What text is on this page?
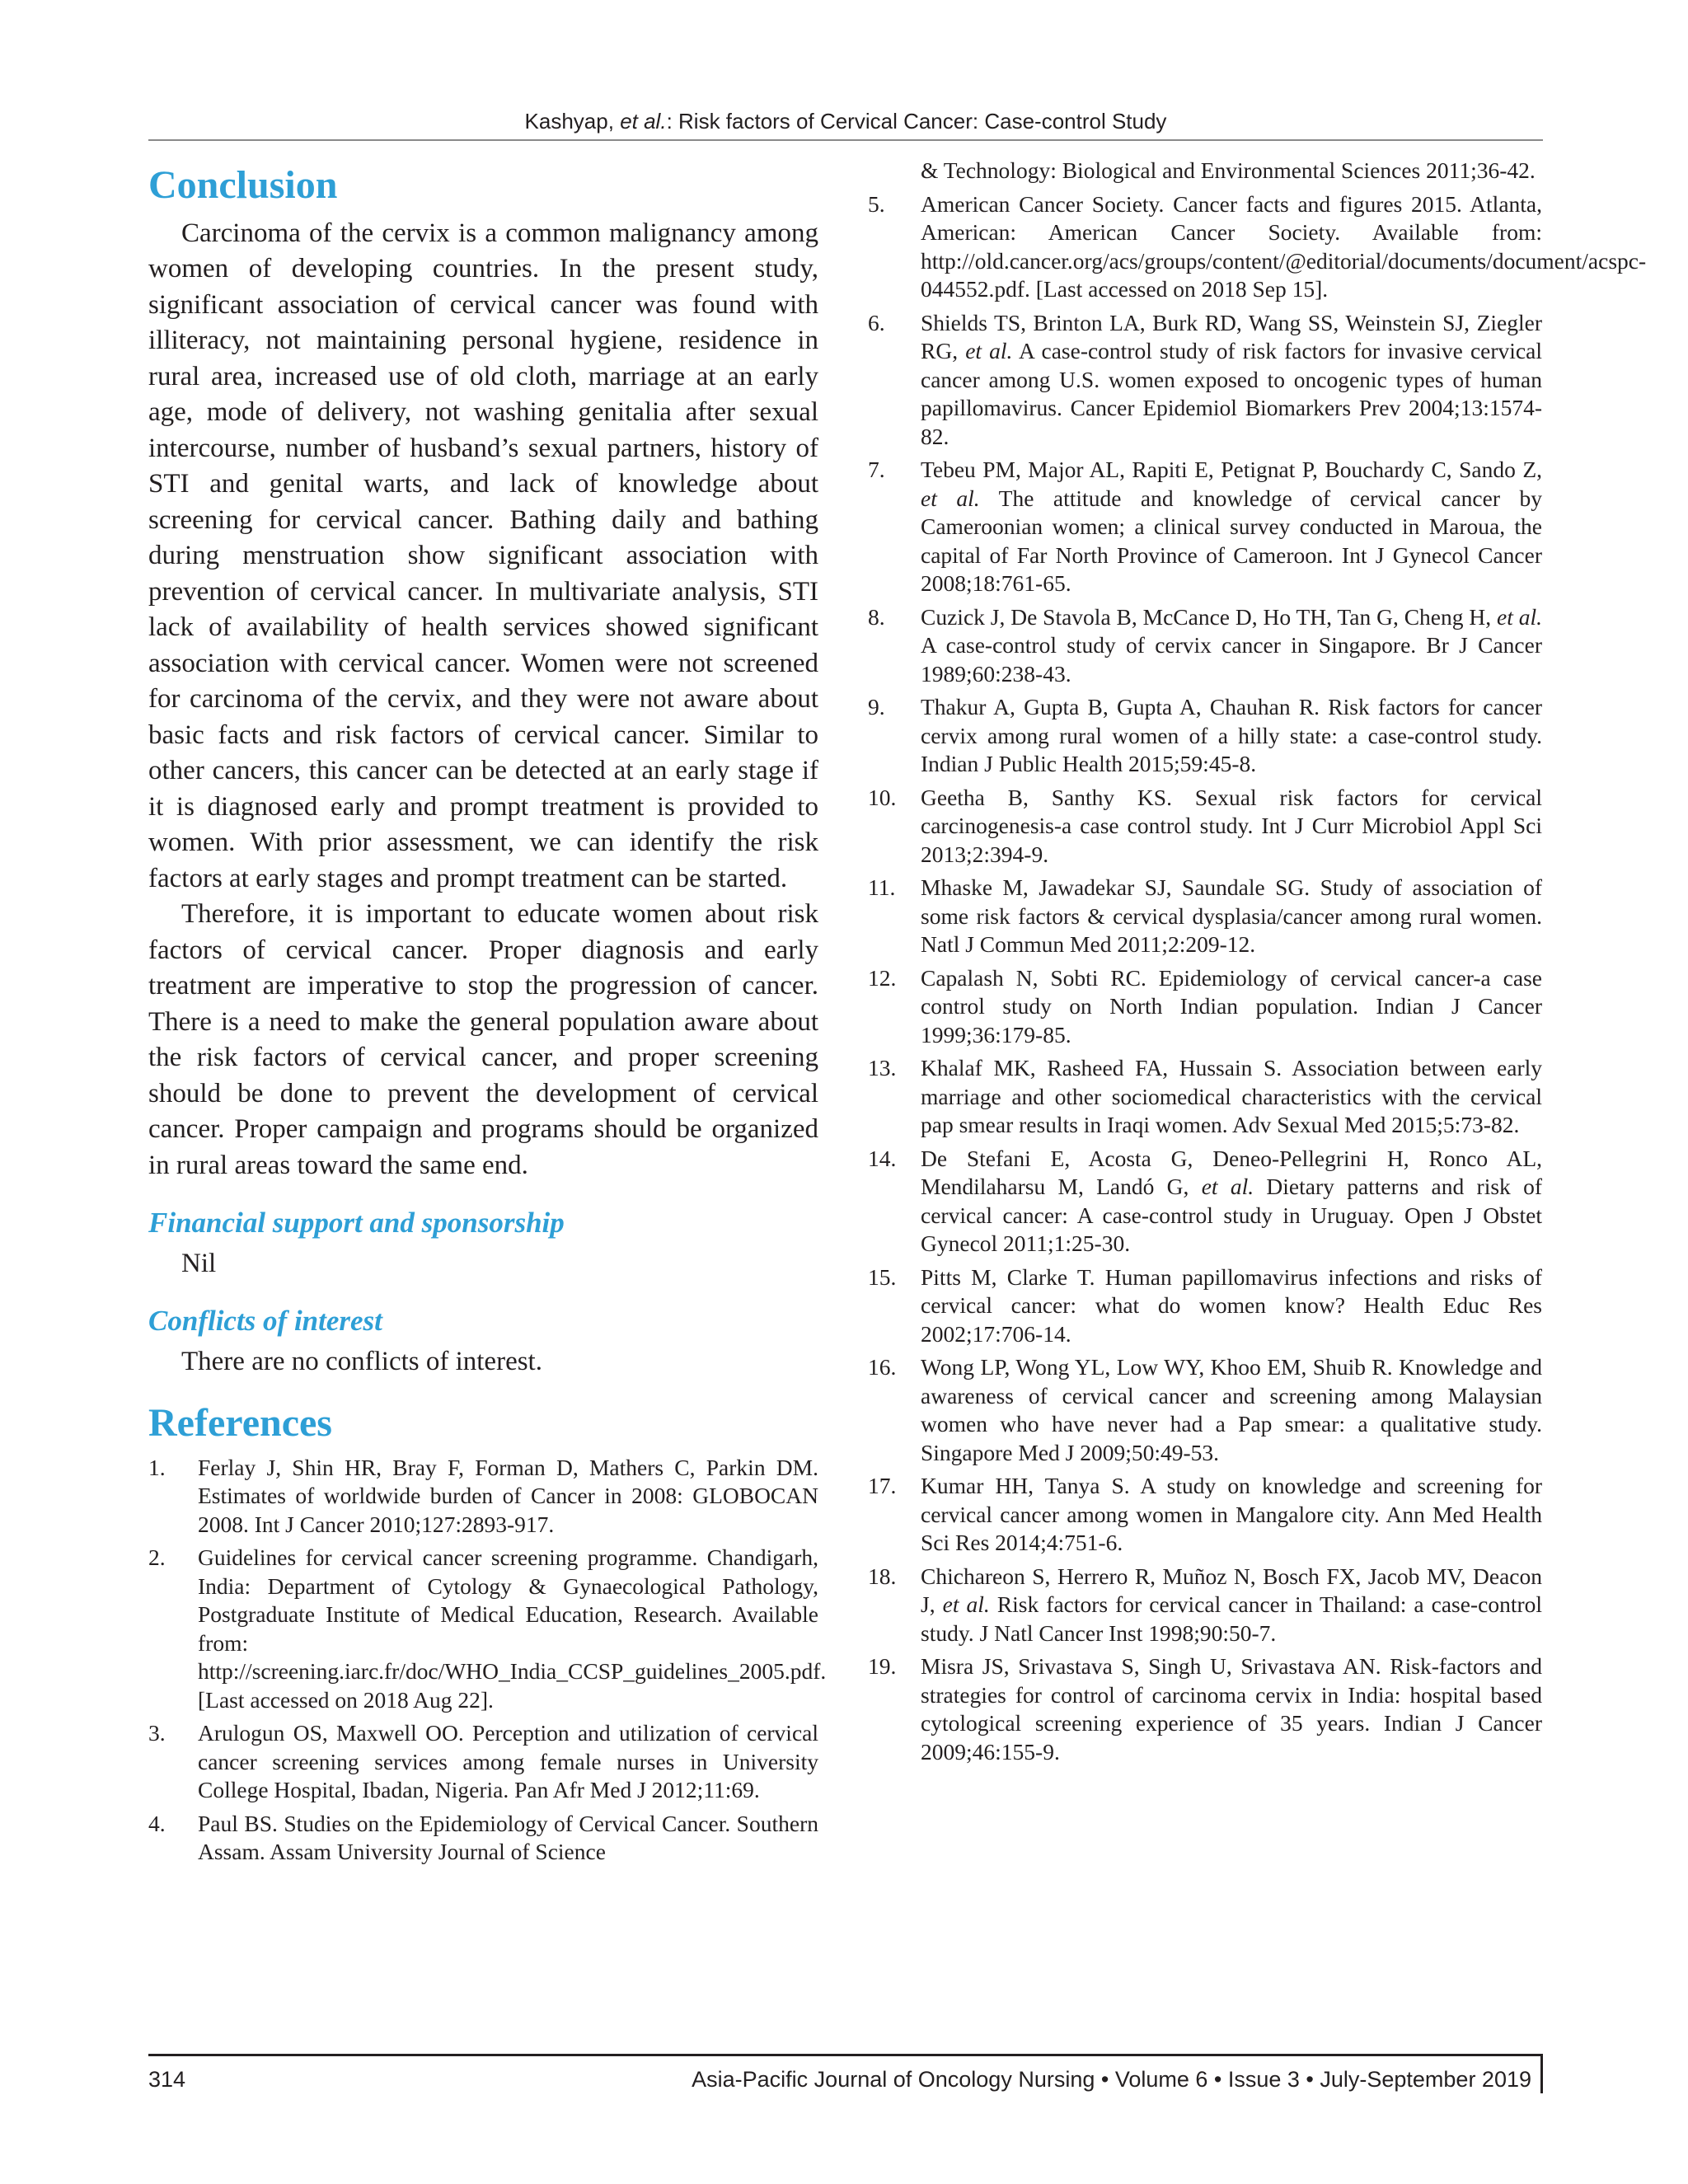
Kashyap, et al.: Risk factors of Cervical Cancer: Case-control Study
Conclusion

Carcinoma of the cervix is a common malignancy among women of developing countries. In the present study, significant association of cervical cancer was found with illiteracy, not maintaining personal hygiene, residence in rural area, increased use of old cloth, marriage at an early age, mode of delivery, not washing genitalia after sexual intercourse, number of husband’s sexual partners, history of STI and genital warts, and lack of knowledge about screening for cervical cancer. Bathing daily and bathing during menstruation show significant association with prevention of cervical cancer. In multivariate analysis, STI lack of availability of health services showed significant association with cervical cancer. Women were not screened for carcinoma of the cervix, and they were not aware about basic facts and risk factors of cervical cancer. Similar to other cancers, this cancer can be detected at an early stage if it is diagnosed early and prompt treatment is provided to women. With prior assessment, we can identify the risk factors at early stages and prompt treatment can be started.

Therefore, it is important to educate women about risk factors of cervical cancer. Proper diagnosis and early treatment are imperative to stop the progression of cancer. There is a need to make the general population aware about the risk factors of cervical cancer, and proper screening should be done to prevent the development of cervical cancer. Proper campaign and programs should be organized in rural areas toward the same end.

Financial support and sponsorship

Nil

Conflicts of interest

There are no conflicts of interest.

References
1. Ferlay J, Shin HR, Bray F, Forman D, Mathers C, Parkin DM. Estimates of worldwide burden of Cancer in 2008: GLOBOCAN 2008. Int J Cancer 2010;127:2893-917.
2. Guidelines for cervical cancer screening programme. Chandigarh, India: Department of Cytology & Gynaecological Pathology, Postgraduate Institute of Medical Education, Research. Available from: http://screening.iarc.fr/doc/WHO_India_CCSP_guidelines_2005.pdf. [Last accessed on 2018 Aug 22].
3. Arulogun OS, Maxwell OO. Perception and utilization of cervical cancer screening services among female nurses in University College Hospital, Ibadan, Nigeria. Pan Afr Med J 2012;11:69.
4. Paul BS. Studies on the Epidemiology of Cervical Cancer. Southern Assam. Assam University Journal of Science
& Technology: Biological and Environmental Sciences 2011;36-42.
5. American Cancer Society. Cancer facts and figures 2015. Atlanta, American: American Cancer Society. Available from: http://old.cancer.org/acs/groups/content/@editorial/documents/document/acspc-044552.pdf. [Last accessed on 2018 Sep 15].
6. Shields TS, Brinton LA, Burk RD, Wang SS, Weinstein SJ, Ziegler RG, et al. A case-control study of risk factors for invasive cervical cancer among U.S. women exposed to oncogenic types of human papillomavirus. Cancer Epidemiol Biomarkers Prev 2004;13:1574-82.
7. Tebeu PM, Major AL, Rapiti E, Petignat P, Bouchardy C, Sando Z, et al. The attitude and knowledge of cervical cancer by Cameroonian women; a clinical survey conducted in Maroua, the capital of Far North Province of Cameroon. Int J Gynecol Cancer 2008;18:761-65.
8. Cuzick J, De Stavola B, McCance D, Ho TH, Tan G, Cheng H, et al. A case-control study of cervix cancer in Singapore. Br J Cancer 1989;60:238-43.
9. Thakur A, Gupta B, Gupta A, Chauhan R. Risk factors for cancer cervix among rural women of a hilly state: a case-control study. Indian J Public Health 2015;59:45-8.
10. Geetha B, Santhy KS. Sexual risk factors for cervical carcinogenesis-a case control study. Int J Curr Microbiol Appl Sci 2013;2:394-9.
11. Mhaske M, Jawadekar SJ, Saundale SG. Study of association of some risk factors & cervical dysplasia/cancer among rural women. Natl J Commun Med 2011;2:209-12.
12. Capalash N, Sobti RC. Epidemiology of cervical cancer-a case control study on North Indian population. Indian J Cancer 1999;36:179-85.
13. Khalaf MK, Rasheed FA, Hussain S. Association between early marriage and other sociomedical characteristics with the cervical pap smear results in Iraqi women. Adv Sexual Med 2015;5:73-82.
14. De Stefani E, Acosta G, Deneo-Pellegrini H, Ronco AL, Mendilaharsu M, Landó G, et al. Dietary patterns and risk of cervical cancer: A case-control study in Uruguay. Open J Obstet Gynecol 2011;1:25-30.
15. Pitts M, Clarke T. Human papillomavirus infections and risks of cervical cancer: what do women know? Health Educ Res 2002;17:706-14.
16. Wong LP, Wong YL, Low WY, Khoo EM, Shuib R. Knowledge and awareness of cervical cancer and screening among Malaysian women who have never had a Pap smear: a qualitative study. Singapore Med J 2009;50:49-53.
17. Kumar HH, Tanya S. A study on knowledge and screening for cervical cancer among women in Mangalore city. Ann Med Health Sci Res 2014;4:751-6.
18. Chichareon S, Herrero R, Muñoz N, Bosch FX, Jacob MV, Deacon J, et al. Risk factors for cervical cancer in Thailand: a case-control study. J Natl Cancer Inst 1998;90:50-7.
19. Misra JS, Srivastava S, Singh U, Srivastava AN. Risk-factors and strategies for control of carcinoma cervix in India: hospital based cytological screening experience of 35 years. Indian J Cancer 2009;46:155-9.
314	Asia-Pacific Journal of Oncology Nursing • Volume 6 • Issue 3 • July-September 2019
